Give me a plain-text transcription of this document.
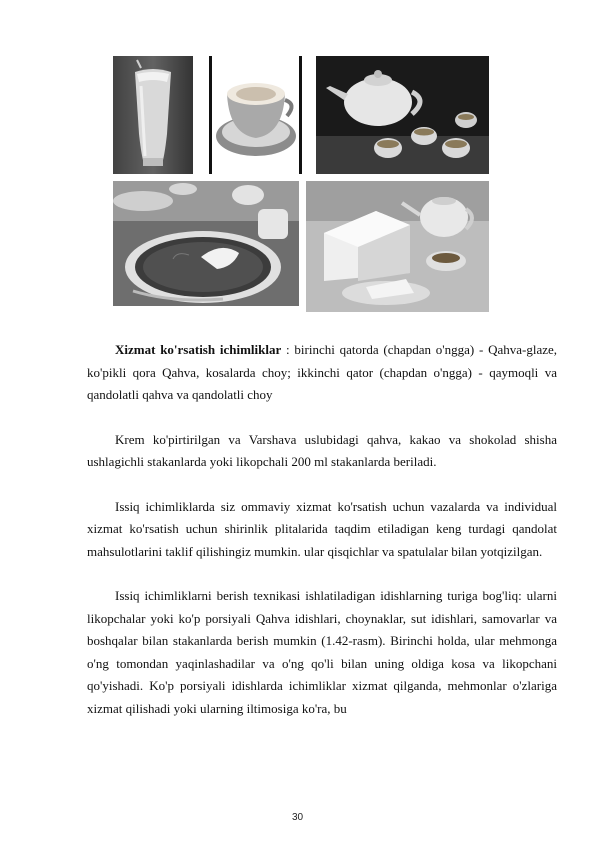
Xizmat ko'rsatish ichimliklar : birinchi qatorda (chapdan o'ngga) - Qahva-glaze, ko'pikli qora Qahva, kosalarda choy; ikkinchi qator (chapdan o'ngga) - qaymoqli va qandolatli qahva va qandolatli choy

Krem ko'pirtirilgan va Varshava uslubidagi qahva, kakao va shokolad shisha ushlagichli stakanlarda yoki likopchali 200 ml stakanlarda beriladi.

Issiq ichimliklarda siz ommaviy xizmat ko'rsatish uchun vazalarda va individual xizmat ko'rsatish uchun shirinlik plitalarida taqdim etiladigan keng turdagi qandolat mahsulotlarini taklif qilishingiz mumkin. ular qisqichlar va spatulalar bilan yotqizilgan.

Issiq ichimliklarni berish texnikasi ishlatiladigan idishlarning turiga bog'liq: ularni likopchalar yoki ko'p porsiyali Qahva idishlari, choynaklar, sut idishlari, samovarlar va boshqalar bilan stakanlarda berish mumkin (1.42-rasm). Birinchi holda, ular mehmonga o'ng tomondan yaqinlashadilar va o'ng qo'li bilan uning oldiga kosa va likopchani qo'yishadi. Ko'p porsiyali idishlarda ichimliklar xizmat qilganda, mehmonlar o'zlariga xizmat qilishadi yoki ularning iltimosiga ko'ra, bu

30
